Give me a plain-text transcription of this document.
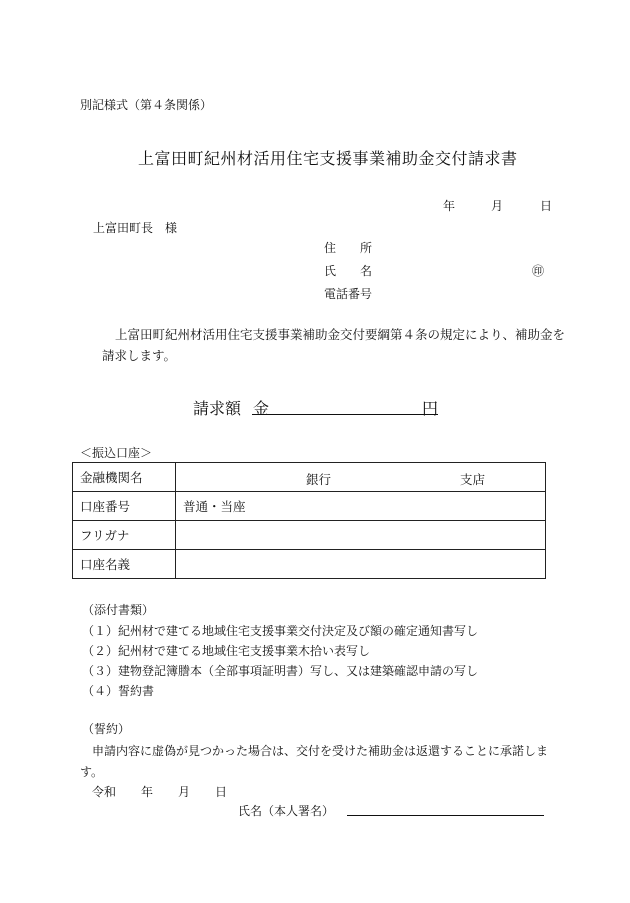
別記様式（第４条関係）
上富田町紀州材活用住宅支援事業補助金交付請求書
年	月	日
上富田町長　様
住　　所
氏　　名	㊞
電話番号
上富田町紀州材活用住宅支援事業補助金交付要綱第４条の規定により、補助金を
請求します。
請求額 金	円
＜振込口座＞
金融機関名	銀行 支店

口座番号	普通・当座
フリガナ	
口座名義	
（添付書類）
（１）紀州材で建てる地域住宅支援事業交付決定及び額の確定通知書写し
（２）紀州材で建てる地域住宅支援事業木拾い表写し
（３）建物登記簿謄本（全部事項証明書）写し、又は建築確認申請の写し
（４）誓約書
（誓約）
申請内容に虚偽が見つかった場合は、交付を受けた補助金は返還することに承諾しま
す。
令和 年 月 日
氏名（本人署名）
